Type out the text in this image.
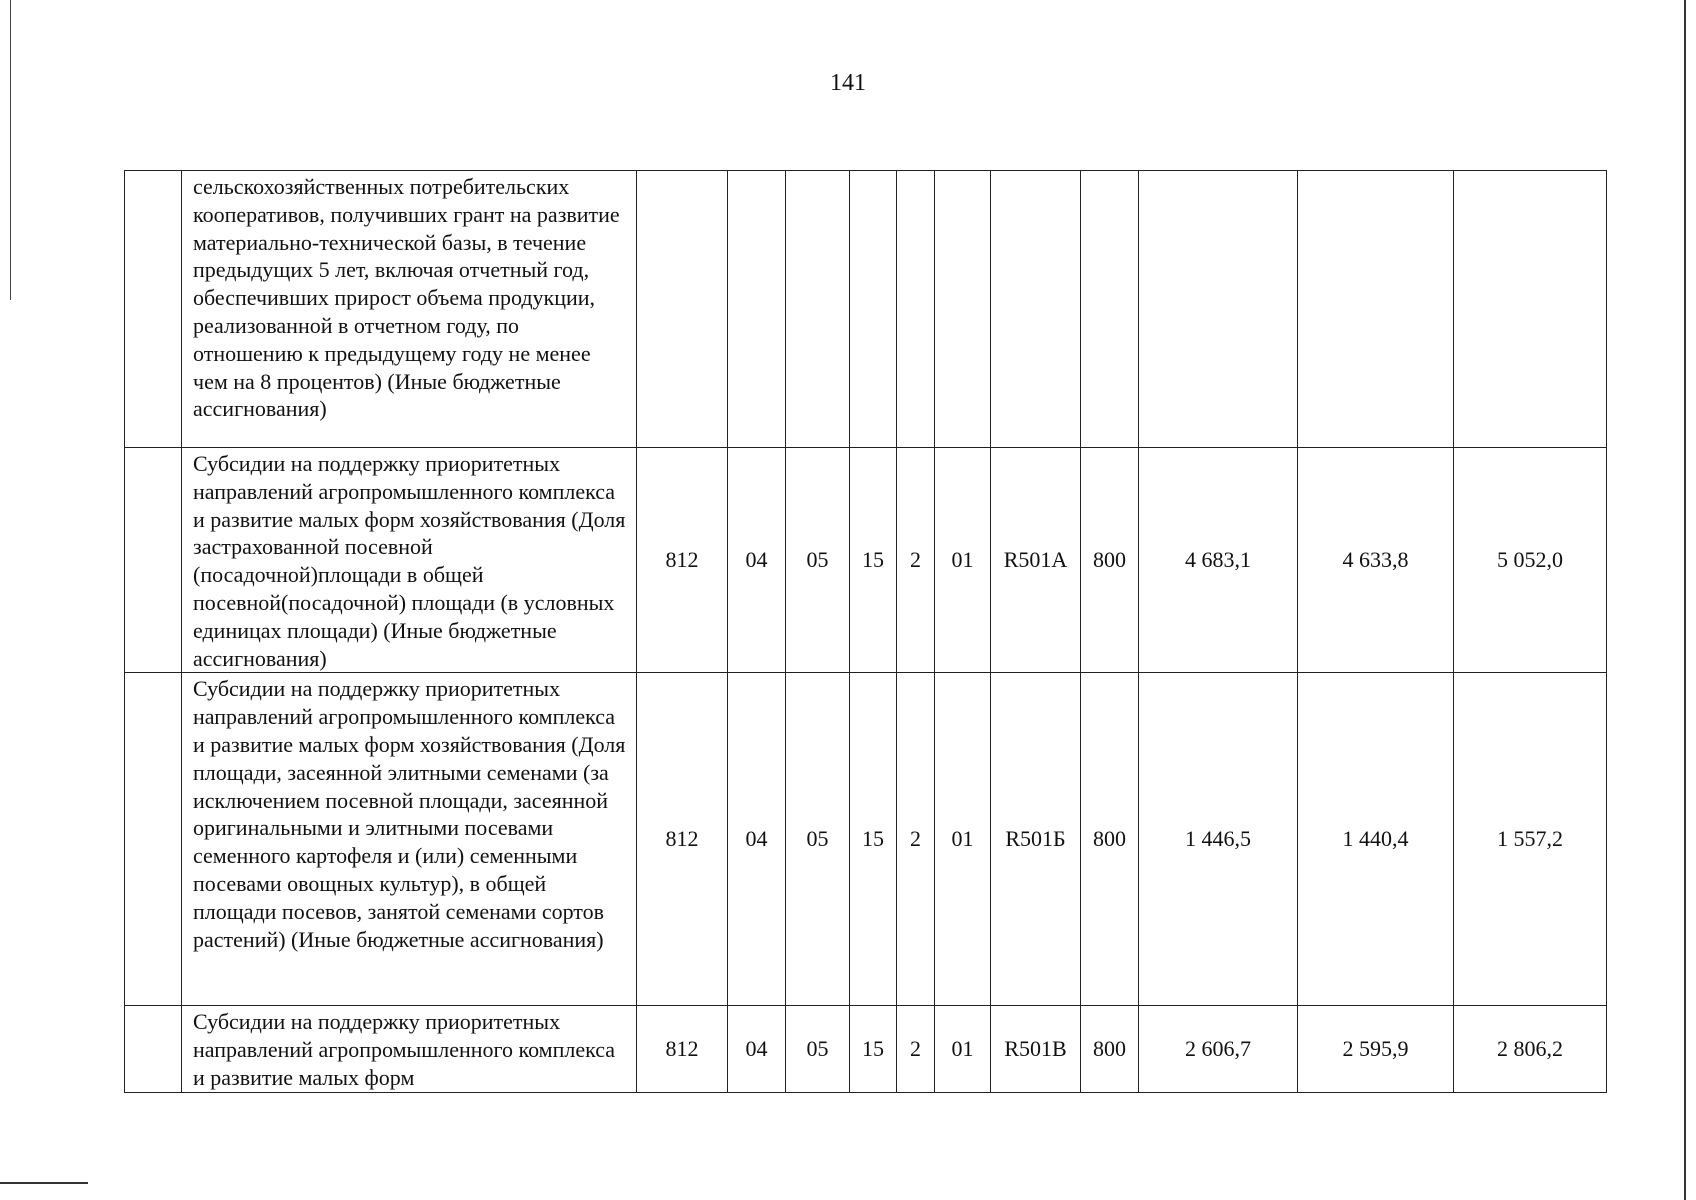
141
	сельскохозяйственных потребительских кооперативов, получивших грант на развитие материально-технической базы, в течение предыдущих 5 лет, включая отчетный год, обеспечивших прирост объема продукции, реализованной в отчетном году, по отношению к предыдущему году не менее чем на 8 процентов) (Иные бюджетные ассигнования)											
	Субсидии на поддержку приоритетных направлений агропромышленного комплекса и развитие малых форм хозяйствования (Доля застрахованной посевной (посадочной)площади в общей посевной(посадочной) площади (в условных единицах площади) (Иные бюджетные ассигнования)	812	04	05	15	2	01	R501А	800	4 683,1	4 633,8	5 052,0
	Субсидии на поддержку приоритетных направлений агропромышленного комплекса и развитие малых форм хозяйствования (Доля площади, засеянной элитными семенами (за исключением посевной площади, засеянной оригинальными и элитными посевами семенного картофеля и (или) семенными посевами овощных культур), в общей площади посевов, занятой семенами сортов растений) (Иные бюджетные ассигнования)	812	04	05	15	2	01	R501Б	800	1 446,5	1 440,4	1 557,2
	Субсидии на поддержку приоритетных направлений агропромышленного комплекса и развитие малых форм	812	04	05	15	2	01	R501В	800	2 606,7	2 595,9	2 806,2
